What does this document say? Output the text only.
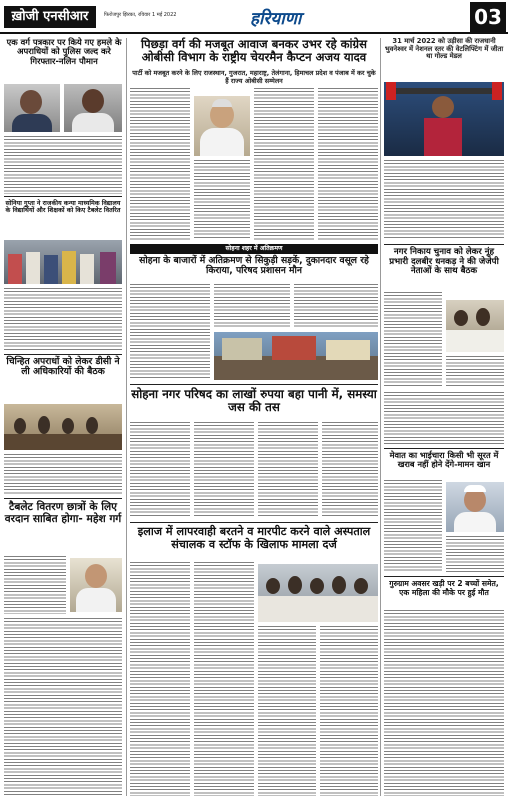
ख़ोजी एनसीआर	फिरोजपुर झिरका, रविवार 1 मई 2022	हरियाणा	03
एक वर्ग पत्रकार पर किये गए हमले के अपराधियों को पुलिस जल्द करे गिरफ्तार-नलिन पौमान
सोनिया गुप्ता ने राजकीय कन्या माध्यमिक विद्यालय के विद्यार्थियों और शिक्षकों को किए टैबलेट वितरित
चिन्हित अपराधों को लेकर डीसी ने ली अधिकारियों की बैठक
पिछड़ा वर्ग की मजबूत आवाज बनकर उभर रहे कांग्रेस ओबीसी विभाग के राष्ट्रीय चेयरमैन कैप्टन अजय यादव
पार्टी को मजबूत करने के लिए राजस्थान, गुजरात, महाराष्ट्र, तेलंगाना, हिमाचल प्रदेश व पंजाब में कर चुके हैं राज्य ओबीसी सम्मेलन
31 मार्च 2022 को उड़ीसा की राजधानी भुवनेश्वर में नेशनल स्तर की वेटलिफ्टिंग में जीता था गोल्ड मेडल
सोहना शहर में अतिक्रमण
सोहना के बाजारों में अतिक्रमण से सिकुड़ी सड़कें, दुकानदार वसूल रहे किराया, परिषद प्रशासन मौन
नगर निकाय चुनाव को लेकर नूंह प्रभारी दलबीर धनकड़ ने की जेजेपी नेताओं के साथ बैठक
सोहना नगर परिषद का लाखों रुपया बहा पानी में, समस्या जस की तस
मेवात का भाईचारा किसी भी सूरत में खराब नहीं होने देंगे-मामन खान
टैबलेट वितरण छात्रों के लिए वरदान साबित होगा- महेश गर्ग
इलाज में लापरवाही बरतने व मारपीट करने वाले अस्पताल संचालक व स्टॉफ के खिलाफ मामला दर्ज
गुरुग्राम अवसर खड़ी पर 2 बच्चों समेत, एक महिला की मौके पर हुई मौत
